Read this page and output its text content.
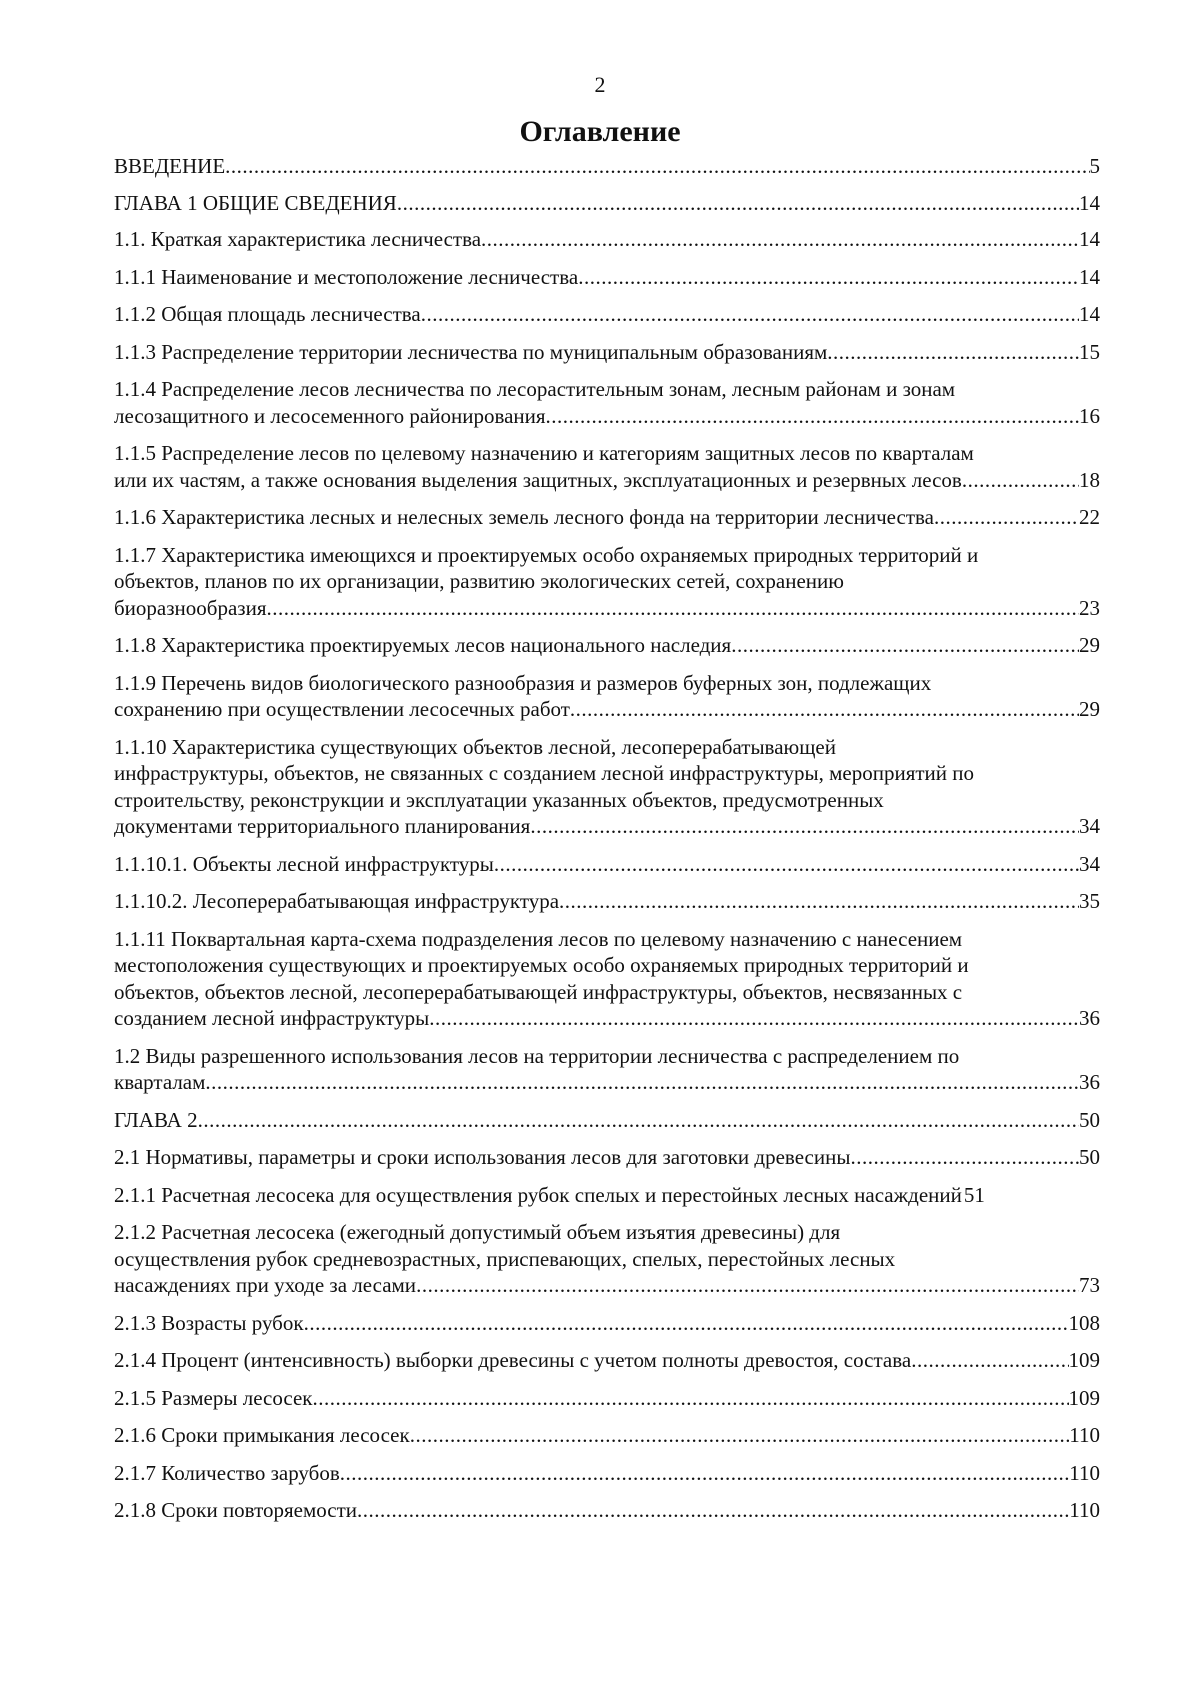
2
Оглавление
ВВЕДЕНИЕ .....	5
ГЛАВА 1 ОБЩИЕ СВЕДЕНИЯ .....	14
1.1. Краткая характеристика лесничества .....	14
1.1.1 Наименование и местоположение лесничества .....	14
1.1.2 Общая площадь лесничества .....	14
1.1.3 Распределение территории лесничества по муниципальным образованиям .....	15
1.1.4 Распределение лесов лесничества по лесорастительным зонам, лесным районам и зонам
лесозащитного и лесосеменного районирования .....	16
1.1.5 Распределение лесов по целевому назначению и категориям защитных лесов по кварталам
или их частям, а также основания выделения защитных, эксплуатационных и резервных лесов .....	18
1.1.6 Характеристика лесных и нелесных земель лесного фонда на территории лесничества .....	22
1.1.7 Характеристика имеющихся и проектируемых особо охраняемых природных территорий и
объектов, планов по их организации, развитию экологических сетей, сохранению
биоразнообразия .....	23
1.1.8 Характеристика проектируемых лесов национального наследия .....	29
1.1.9 Перечень видов биологического разнообразия и размеров буферных зон, подлежащих
сохранению при осуществлении лесосечных работ .....	29
1.1.10 Характеристика существующих объектов лесной, лесоперерабатывающей
инфраструктуры, объектов, не связанных с созданием лесной инфраструктуры, мероприятий по
строительству, реконструкции и эксплуатации указанных объектов, предусмотренных
документами территориального планирования .....	34
1.1.10.1. Объекты лесной инфраструктуры .....	34
1.1.10.2. Лесоперерабатывающая инфраструктура .....	35
1.1.11 Поквартальная карта-схема подразделения лесов по целевому назначению с нанесением
местоположения существующих и проектируемых особо охраняемых природных территорий и
объектов, объектов лесной, лесоперерабатывающей инфраструктуры, объектов, несвязанных с
созданием лесной инфраструктуры .....	36
1.2 Виды разрешенного использования лесов на территории лесничества с распределением по
кварталам .....	36
ГЛАВА 2 .....	50
2.1 Нормативы, параметры и сроки использования лесов для заготовки древесины .....	50
2.1.1 Расчетная лесосека для осуществления рубок спелых и перестойных лесных насаждений 51
2.1.2 Расчетная лесосека (ежегодный допустимый объем изъятия древесины) для
осуществления рубок средневозрастных, приспевающих, спелых, перестойных лесных
насаждениях при уходе за лесами .....	73
2.1.3 Возрасты рубок .....	108
2.1.4 Процент (интенсивность) выборки древесины с учетом полноты древостоя, состава .....	109
2.1.5 Размеры лесосек .....	109
2.1.6 Сроки примыкания лесосек .....	110
2.1.7 Количество зарубов .....	110
2.1.8 Сроки повторяемости .....	110
